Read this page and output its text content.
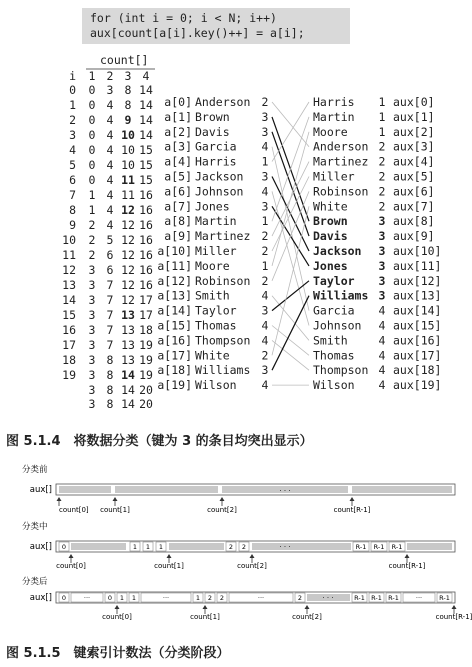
for (int i = 0; i < N; i++)
aux[count[a[i].key()++] = a[i];
count[]
i 1 2 3 4
0 0 3 8 14
1 0 4 8 14
2 0 4 9 14
3 0 4 10 14
4 0 4 10 15
5 0 4 10 15
6 0 4 11 15
7 1 4 11 16
8 1 4 12 16
9 2 4 12 16
10 2 5 12 16
11 2 6 12 16
12 3 6 12 16
13 3 7 12 16
14 3 7 12 17
15 3 7 13 17
16 3 7 13 18
17 3 7 13 19
18 3 8 13 19
19 3 8 14 19
3 8 14 20
3 8 14 20
a[0] Anderson 2
a[1] Brown	3
a[2] Davis	3
a[3] Garcia 4
a[4] Harris 1
a[5] Jackson 3
a[6] Johnson 4
a[7] Jones	3
a[8] Martin 1
a[9] Martinez 2
a[10] Miller 2
a[11] Moore	1
a[12] Robinson 2
a[13] Smith	4
a[14] Taylor 3
a[15] Thomas 4
a[16] Thompson 4
a[17] White	2
a[18] Williams 3
a[19] Wilson 4
Harris 1 aux[0]
Martin 1 aux[1]
Moore	1 aux[2]
Anderson 2 aux[3]
Martinez 2 aux[4]
Miller 2 aux[5]
Robinson 2 aux[6]
White	2 aux[7]
Brown	3 aux[8]
Davis	3 aux[9]
Jackson 3 aux[10]
Jones	3 aux[11]
Taylor 3 aux[12]
Williams 3 aux[13]
Garcia 4 aux[14]
Johnson 4 aux[15]
Smith	4 aux[16]
Thomas 4 aux[17]
Thompson 4 aux[18]
Wilson 4 aux[19]
图 5.1.4　将数据分类（键为 3 的条目均突出显示）
分类前
aux[]	· · ·
count[0] count[1]	count[2]	count[R-1]
分类中
aux[] 0	1 1 1	2 2	R-1 R-1 R-1
· · ·
count[0]	count[1]	count[2]	count[R-1]
分类后
aux[] 0	···	0 1 1	···	1 2 2	···	2	R-1 R-1 R-1	···	R-1
· · ·
count[0]	count[1]	count[2]	count[R-1]
图 5.1.5　键索引计数法（分类阶段）
